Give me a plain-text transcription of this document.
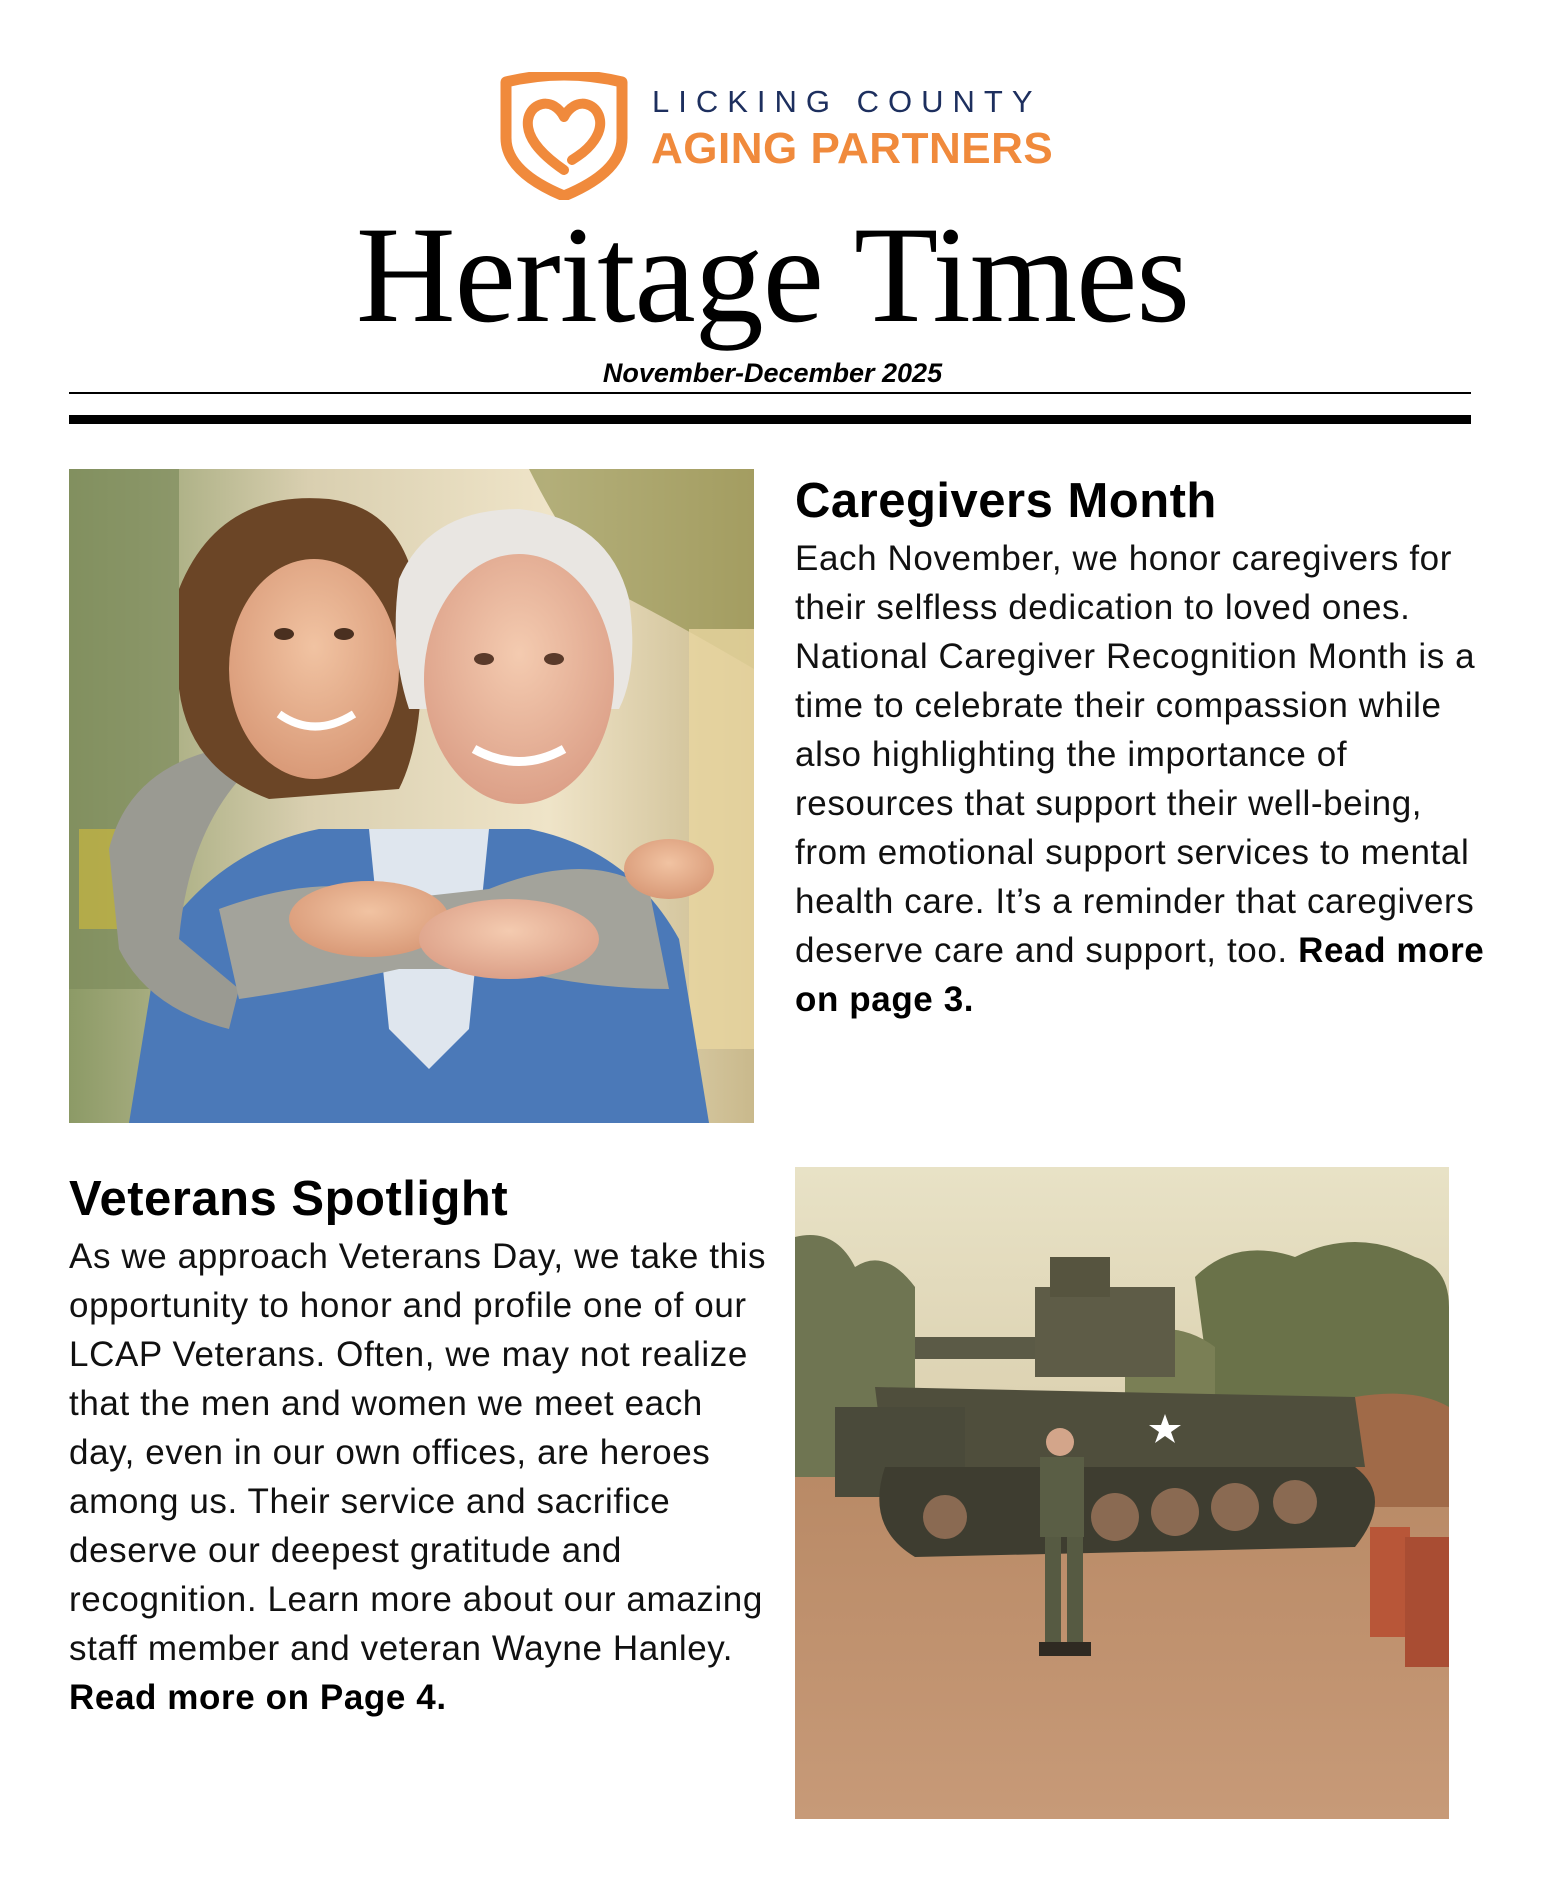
LICKING COUNTY
AGING PARTNERS
Heritage Times
November-December 2025
Caregivers Month

Each November, we honor caregivers for their selfless dedication to loved ones. National Caregiver Recognition Month is a time to celebrate their compassion while also highlighting the importance of resources that support their well-being, from emotional support services to mental health care. It’s a reminder that caregivers deserve care and support, too. Read more on page 3.

Veterans Spotlight

As we approach Veterans Day, we take this opportunity to honor and profile one of our LCAP Veterans. Often, we may not realize that the men and women we meet each day, even in our own offices, are heroes among us. Their service and sacrifice deserve our deepest gratitude and recognition. Learn more about our amazing staff member and veteran Wayne Hanley.
Read more on Page 4.
